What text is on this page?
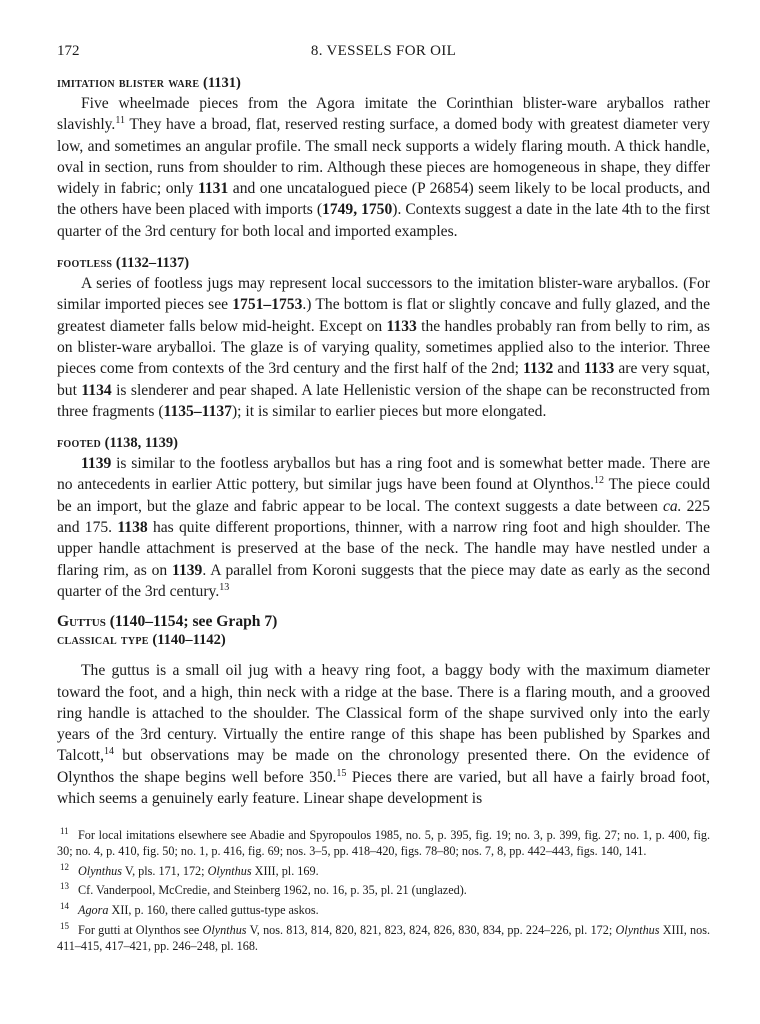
172	8. VESSELS FOR OIL
imitation blister ware (1131)

Five wheelmade pieces from the Agora imitate the Corinthian blister-ware aryballos rather slavishly.$^{11}$ They have a broad, flat, reserved resting surface, a domed body with greatest diameter very low, and sometimes an angular profile. The small neck supports a widely flaring mouth. A thick handle, oval in section, runs from shoulder to rim. Although these pieces are homogeneous in shape, they differ widely in fabric; only 1131 and one uncatalogued piece (P 26854) seem likely to be local products, and the others have been placed with imports (1749, 1750). Contexts suggest a date in the late 4th to the first quarter of the 3rd century for both local and imported examples.

footless (1132–1137)

A series of footless jugs may represent local successors to the imitation blister-ware aryballos. (For similar imported pieces see 1751–1753.) The bottom is flat or slightly concave and fully glazed, and the greatest diameter falls below mid-height. Except on 1133 the handles probably ran from belly to rim, as on blister-ware aryballoi. The glaze is of varying quality, sometimes applied also to the interior. Three pieces come from contexts of the 3rd century and the first half of the 2nd; 1132 and 1133 are very squat, but 1134 is slenderer and pear shaped. A late Hellenistic version of the shape can be reconstructed from three fragments (1135–1137); it is similar to earlier pieces but more elongated.

footed (1138, 1139)

1139 is similar to the footless aryballos but has a ring foot and is somewhat better made. There are no antecedents in earlier Attic pottery, but similar jugs have been found at Olynthos.$^{12}$ The piece could be an import, but the glaze and fabric appear to be local. The context suggests a date between ca. 225 and 175. 1138 has quite different proportions, thinner, with a narrow ring foot and high shoulder. The upper handle attachment is preserved at the base of the neck. The handle may have nestled under a flaring rim, as on 1139. A parallel from Koroni suggests that the piece may date as early as the second quarter of the 3rd century.$^{13}$

Guttus (1140–1154; see Graph 7)
classical type (1140–1142)

The guttus is a small oil jug with a heavy ring foot, a baggy body with the maximum diameter toward the foot, and a high, thin neck with a ridge at the base. There is a flaring mouth, and a grooved ring handle is attached to the shoulder. The Classical form of the shape survived only into the early years of the 3rd century. Virtually the entire range of this shape has been published by Sparkes and Talcott,$^{14}$ but observations may be made on the chronology presented there. On the evidence of Olynthos the shape begins well before 350.15 Pieces there are varied, but all have a fairly broad foot, which seems a genuinely early feature. Linear shape development is

11 For local imitations elsewhere see Abadie and Spyropoulos 1985, no. 5, p. 395, fig. 19; no. 3, p. 399, fig. 27; no. 1, p. 400, fig. 30; no. 4, p. 410, fig. 50; no. 1, p. 416, fig. 69; nos. 3–5, pp. 418–420, figs. 78–80; nos. 7, 8, pp. 442–443, figs. 140, 141.

12 Olynthus V, pls. 171, 172; Olynthus XIII, pl. 169.

13 Cf. Vanderpool, McCredie, and Steinberg 1962, no. 16, p. 35, pl. 21 (unglazed).

14 Agora XII, p. 160, there called guttus-type askos.

15 For gutti at Olynthos see Olynthus V, nos. 813, 814, 820, 821, 823, 824, 826, 830, 834, pp. 224–226, pl. 172; Olynthus XIII, nos. 411–415, 417–421, pp. 246–248, pl. 168.
